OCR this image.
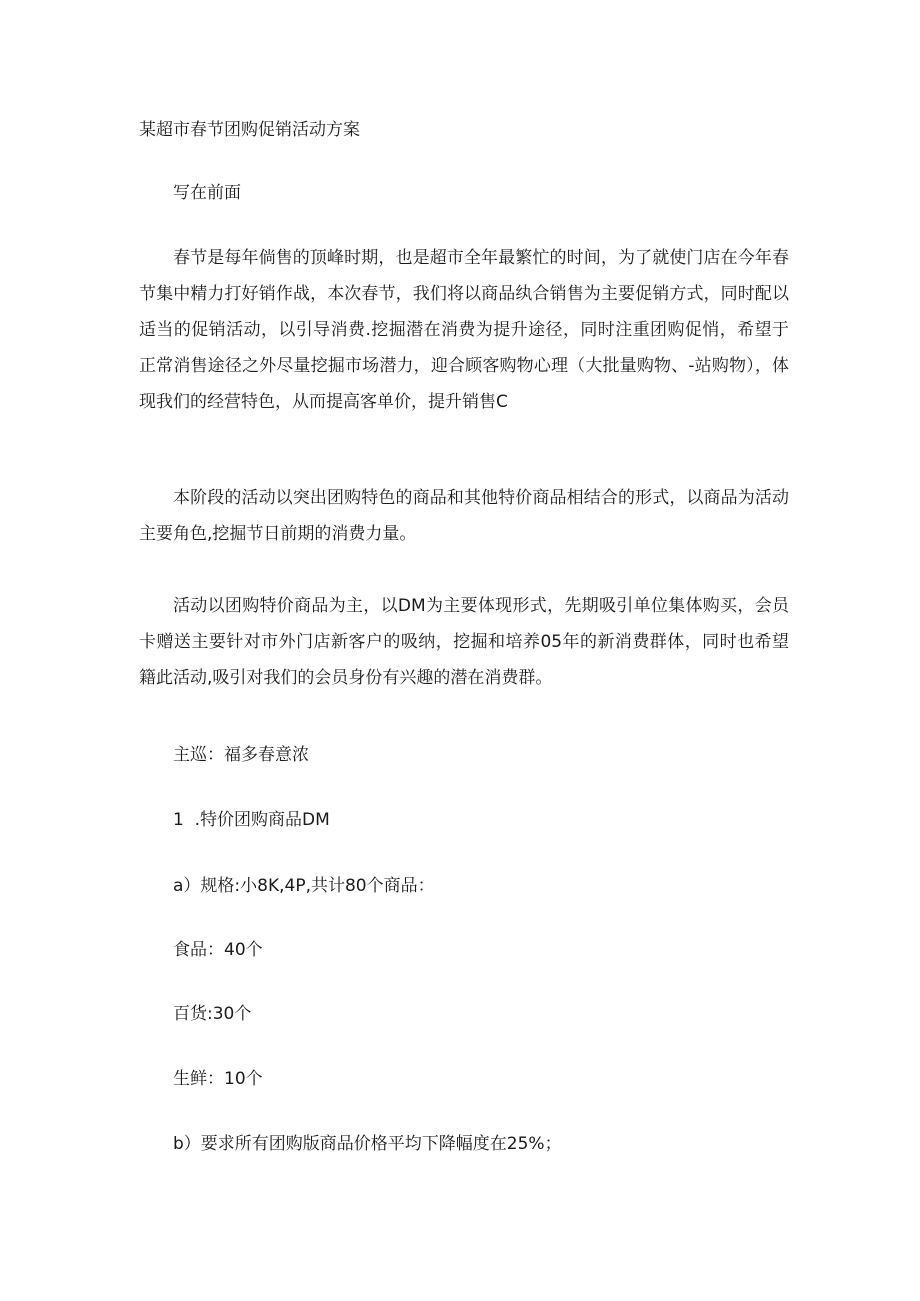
某超市春节团购促销活动方案
写在前面
春节是每年倘售的顶峰时期，也是超市全年最繁忙的时间，为了就使门店在今年春节集中精力打好销作战，本次春节，我们将以商品纨合销售为主要促销方式，同时配以适当的促销活动，以引导消费.挖掘潜在消费为提升途径，同时注重团购促悄，希望于正常消售途径之外尽量挖掘市场潜力，迎合顾客购物心理（大批量购物、-站购物），体现我们的经营特色，从而提高客单价，提升销售C
本阶段的活动以突出团购特色的商品和其他特价商品相结合的形式，以商品为活动主要角色,挖掘节日前期的消费力量。
活动以团购特价商品为主，以DM为主要体现形式，先期吸引单位集体购买，会员卡赠送主要针对市外门店新客户的吸纳，挖掘和培养05年的新消费群体，同时也希望籍此活动,吸引对我们的会员身份有兴趣的潜在消费群。
主巡：福多春意浓
1  .特价团购商品DM
a）规格:小8K,4P,共计80个商品：
食品：40个
百货:30个
生鲜：10个
b）要求所有团购版商品价格平均下降幅度在25%；
